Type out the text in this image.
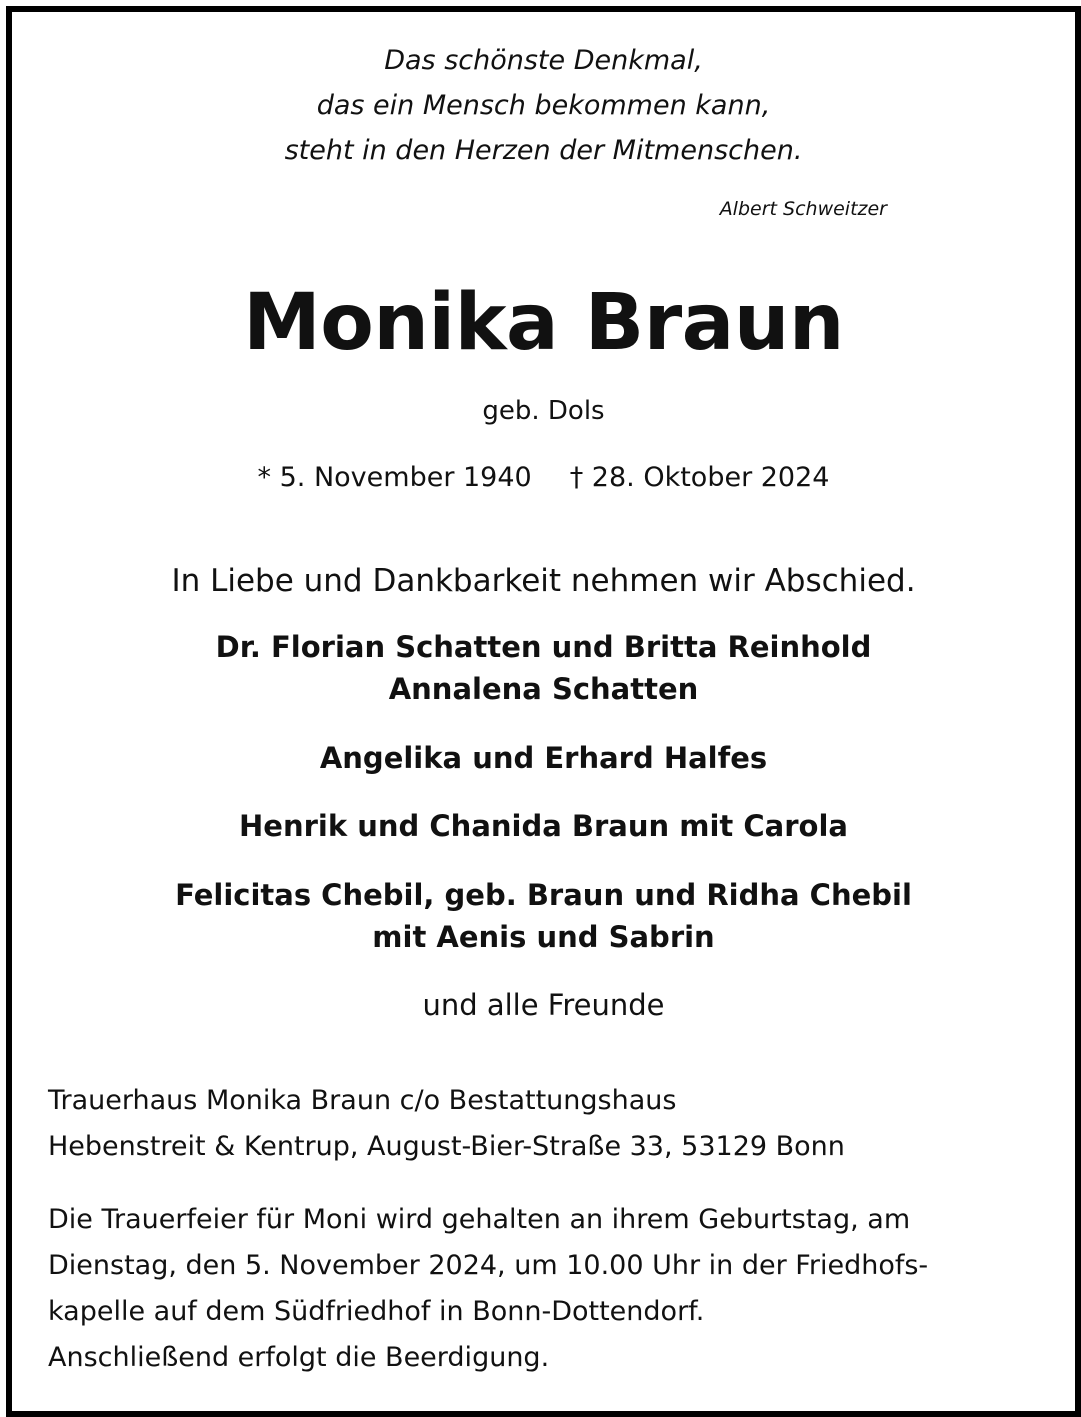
Das schönste Denkmal,
das ein Mensch bekommen kann,
steht in den Herzen der Mitmenschen.
Albert Schweitzer
Monika Braun
geb. Dols
* 5. November 1940 † 28. Oktober 2024
In Liebe und Dankbarkeit nehmen wir Abschied.
Dr. Florian Schatten und Britta Reinhold
Annalena Schatten
Angelika und Erhard Halfes
Henrik und Chanida Braun mit Carola
Felicitas Chebil, geb. Braun und Ridha Chebil
mit Aenis und Sabrin
und alle Freunde
Trauerhaus Monika Braun c/o Bestattungshaus
Hebenstreit & Kentrup, August-Bier-Straße 33, 53129 Bonn
Die Trauerfeier für Moni wird gehalten an ihrem Geburtstag, am
Dienstag, den 5. November 2024, um 10.00 Uhr in der Friedhofs-
kapelle auf dem Südfriedhof in Bonn-Dottendorf.
Anschließend erfolgt die Beerdigung.
